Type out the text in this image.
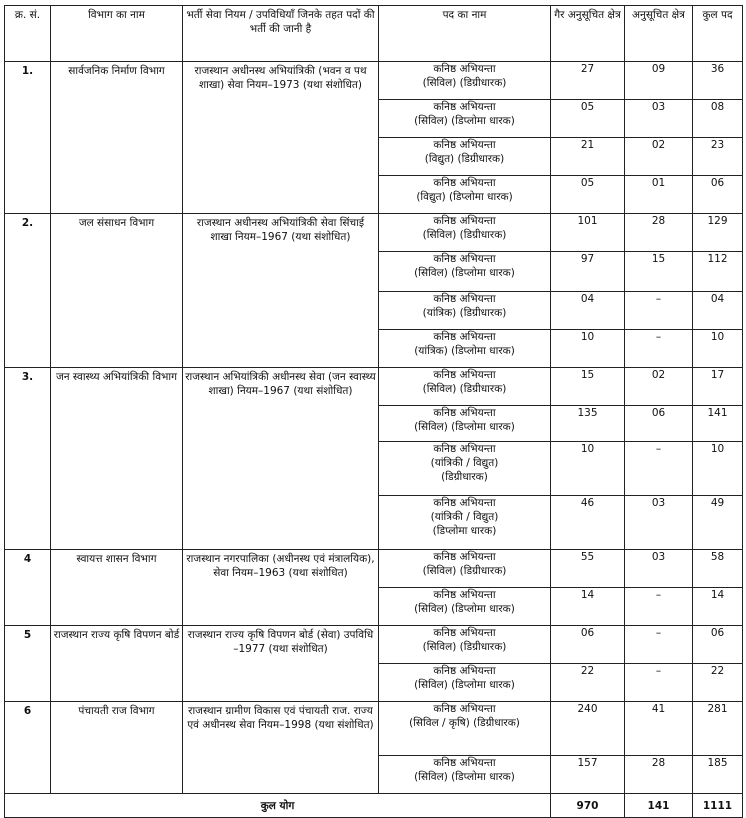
क्र. सं.	विभाग का नाम	भर्ती सेवा नियम / उपविधियाँ जिनके तहत पदों की भर्ती की जानी है	पद का नाम	गैर अनुसूचित क्षेत्र	अनुसूचित क्षेत्र	कुल पद
1.	सार्वजनिक निर्माण विभाग	राजस्थान अधीनस्थ अभियांत्रिकी (भवन व पथ शाखा) सेवा नियम–1973 (यथा संशोधित)	कनिष्ठ अभियन्ता
(सिविल) (डिग्रीधारक)	27	09	36
			कनिष्ठ अभियन्ता
(सिविल) (डिप्लोमा धारक)	05	03	08
			कनिष्ठ अभियन्ता
(विद्युत) (डिग्रीधारक)	21	02	23
			कनिष्ठ अभियन्ता
(विद्युत) (डिप्लोमा धारक)	05	01	06
2.	जल संसाधन विभाग	राजस्थान अधीनस्थ अभियांत्रिकी सेवा सिंचाई शाखा नियम–1967 (यथा संशोधित)	कनिष्ठ अभियन्ता
(सिविल) (डिग्रीधारक)	101	28	129
			कनिष्ठ अभियन्ता
(सिविल) (डिप्लोमा धारक)	97	15	112
			कनिष्ठ अभियन्ता
(यांत्रिक) (डिग्रीधारक)	04	–	04
			कनिष्ठ अभियन्ता
(यांत्रिक) (डिप्लोमा धारक)	10	–	10
3.	जन स्वास्थ्य अभियांत्रिकी विभाग	राजस्थान अभियांत्रिकी अधीनस्थ सेवा (जन स्वास्थ्य शाखा) नियम–1967 (यथा संशोधित)	कनिष्ठ अभियन्ता
(सिविल) (डिग्रीधारक)	15	02	17
			कनिष्ठ अभियन्ता
(सिविल) (डिप्लोमा धारक)	135	06	141
			कनिष्ठ अभियन्ता
(यांत्रिकी / विद्युत)
(डिग्रीधारक)	10	–	10
			कनिष्ठ अभियन्ता
(यांत्रिकी / विद्युत)
(डिप्लोमा धारक)	46	03	49
4	स्वायत्त शासन विभाग	राजस्थान नगरपालिका (अधीनस्थ एवं मंत्रालयिक), सेवा नियम–1963 (यथा संशोधित)	कनिष्ठ अभियन्ता
(सिविल) (डिग्रीधारक)	55	03	58
			कनिष्ठ अभियन्ता
(सिविल) (डिप्लोमा धारक)	14	–	14
5	राजस्थान राज्य कृषि विपणन बोर्ड	राजस्थान राज्य कृषि विपणन बोर्ड (सेवा) उपविधि –1977 (यथा संशोधित)	कनिष्ठ अभियन्ता
(सिविल) (डिग्रीधारक)	06	–	06
			कनिष्ठ अभियन्ता
(सिविल) (डिप्लोमा धारक)	22	–	22
6	पंचायती राज विभाग	राजस्थान ग्रामीण विकास एवं पंचायती राज. राज्य एवं अधीनस्थ सेवा नियम–1998 (यथा संशोधित)	कनिष्ठ अभियन्ता
(सिविल / कृषि) (डिग्रीधारक)	240	41	281
			कनिष्ठ अभियन्ता
(सिविल) (डिप्लोमा धारक)	157	28	185
कुल योग				970	141	1111
